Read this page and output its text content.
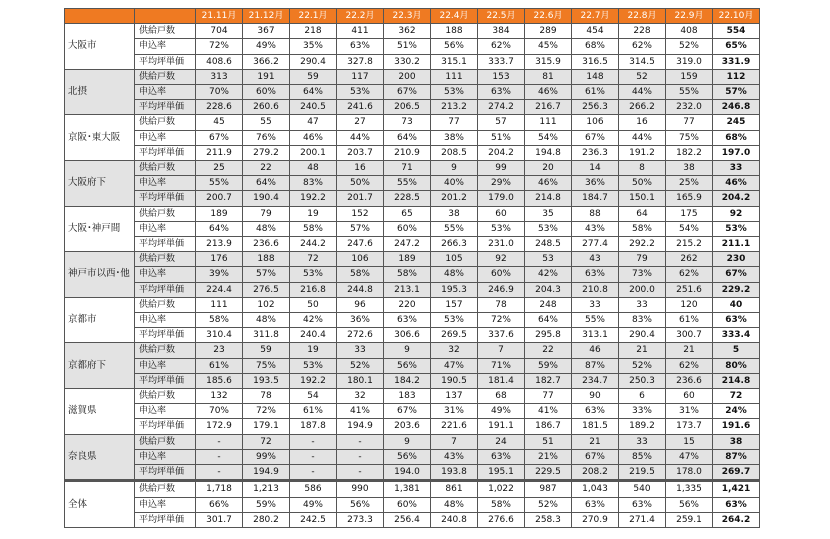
		21.11月	21.12月	22.1月	22.2月	22.3月	22.4月	22.5月	22.6月	22.7月	22.8月	22.9月	22.10月
大阪市	供給戸数	704	367	218	411	362	188	384	289	454	228	408	554
	申込率	72%	49%	35%	63%	51%	56%	62%	45%	68%	62%	52%	65%
	平均坪単価	408.6	366.2	290.4	327.8	330.2	315.1	333.7	315.9	316.5	314.5	319.0	331.9
北摂	供給戸数	313	191	59	117	200	111	153	81	148	52	159	112
	申込率	70%	60%	64%	53%	67%	53%	63%	46%	61%	44%	55%	57%
	平均坪単価	228.6	260.6	240.5	241.6	206.5	213.2	274.2	216.7	256.3	266.2	232.0	246.8
京阪･東大阪	供給戸数	45	55	47	27	73	77	57	111	106	16	77	245
	申込率	67%	76%	46%	44%	64%	38%	51%	54%	67%	44%	75%	68%
	平均坪単価	211.9	279.2	200.1	203.7	210.9	208.5	204.2	194.8	236.3	191.2	182.2	197.0
大阪府下	供給戸数	25	22	48	16	71	9	99	20	14	8	38	33
	申込率	55%	64%	83%	50%	55%	40%	29%	46%	36%	50%	25%	46%
	平均坪単価	200.7	190.4	192.2	201.7	228.5	201.2	179.0	214.8	184.7	150.1	165.9	204.2
大阪･神戸間	供給戸数	189	79	19	152	65	38	60	35	88	64	175	92
	申込率	64%	48%	58%	57%	60%	55%	53%	53%	43%	58%	54%	53%
	平均坪単価	213.9	236.6	244.2	247.6	247.2	266.3	231.0	248.5	277.4	292.2	215.2	211.1
神戸市以西･他	供給戸数	176	188	72	106	189	105	92	53	43	79	262	230
	申込率	39%	57%	53%	58%	58%	48%	60%	42%	63%	73%	62%	67%
	平均坪単価	224.4	276.5	216.8	244.8	213.1	195.3	246.9	204.3	210.8	200.0	251.6	229.2
京都市	供給戸数	111	102	50	96	220	157	78	248	33	33	120	40
	申込率	58%	48%	42%	36%	63%	53%	72%	64%	55%	83%	61%	63%
	平均坪単価	310.4	311.8	240.4	272.6	306.6	269.5	337.6	295.8	313.1	290.4	300.7	333.4
京都府下	供給戸数	23	59	19	33	9	32	7	22	46	21	21	5
	申込率	61%	75%	53%	52%	56%	47%	71%	59%	87%	52%	62%	80%
	平均坪単価	185.6	193.5	192.2	180.1	184.2	190.5	181.4	182.7	234.7	250.3	236.6	214.8
滋賀県	供給戸数	132	78	54	32	183	137	68	77	90	6	60	72
	申込率	70%	72%	61%	41%	67%	31%	49%	41%	63%	33%	31%	24%
	平均坪単価	172.9	179.1	187.8	194.9	203.6	221.6	191.1	186.7	181.5	189.2	173.7	191.6
奈良県	供給戸数	-	72	-	-	9	7	24	51	21	33	15	38
	申込率	-	99%	-	-	56%	43%	63%	21%	67%	85%	47%	87%
	平均坪単価	-	194.9	-	-	194.0	193.8	195.1	229.5	208.2	219.5	178.0	269.7
全体	供給戸数	1,718	1,213	586	990	1,381	861	1,022	987	1,043	540	1,335	1,421
	申込率	66%	59%	49%	56%	60%	48%	58%	52%	63%	63%	56%	63%
	平均坪単価	301.7	280.2	242.5	273.3	256.4	240.8	276.6	258.3	270.9	271.4	259.1	264.2
